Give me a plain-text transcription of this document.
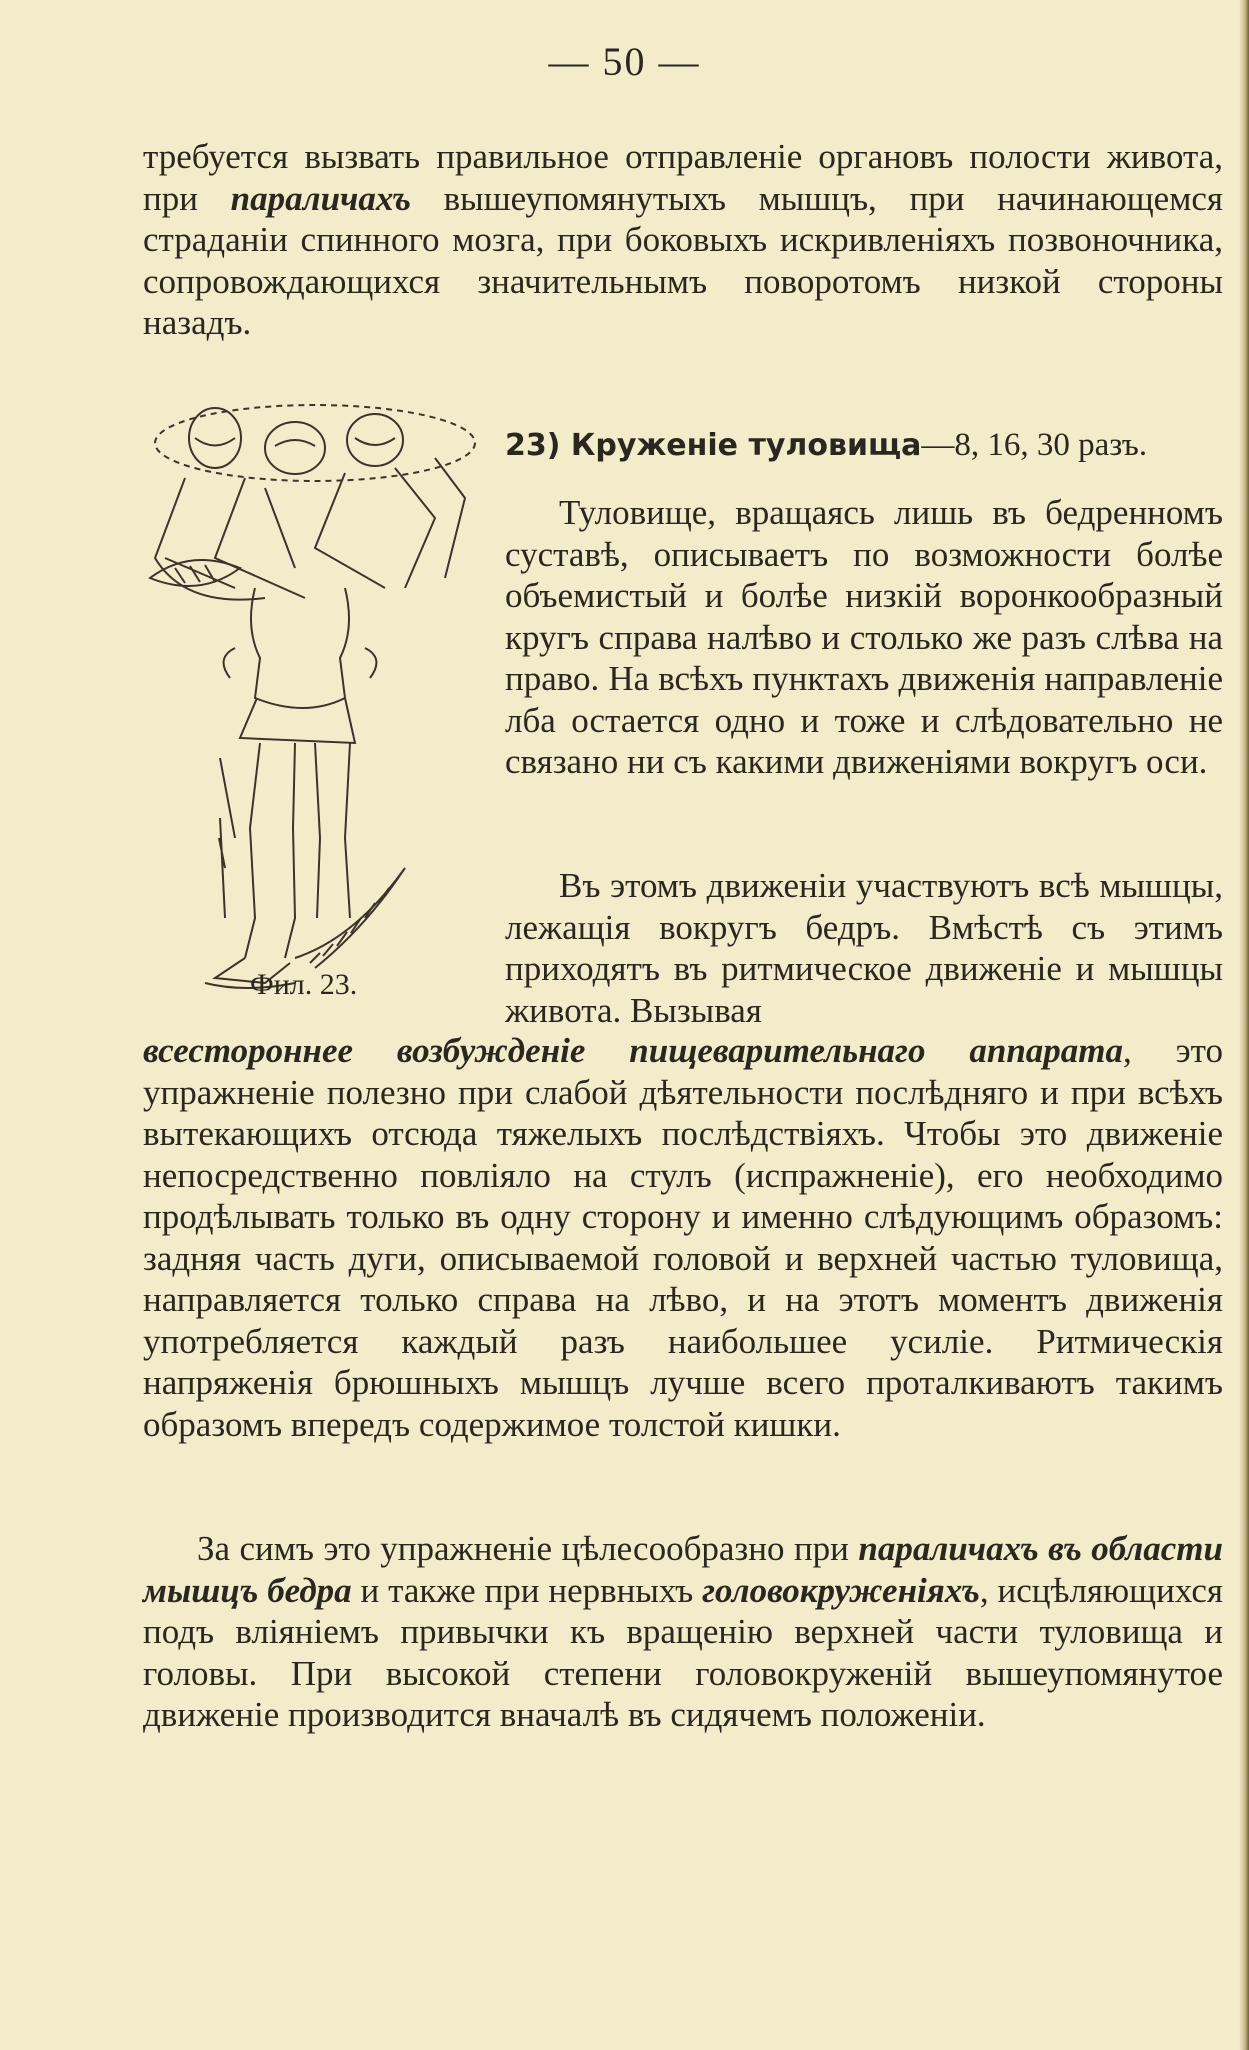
— 50 —

требуется вызвать правильное отправленіе органовъ полости живота, при параличахъ вышеупомянутыхъ мышцъ, при начинающемся страданіи спинного мозга, при боковыхъ искривленіяхъ позвоночника, сопровождающихся значительнымъ поворотомъ низкой стороны назадъ.

Фил. 23.
23) Круженіе туловища—8, 16, 30 разъ.

Туловище, вращаясь лишь въ бедренномъ суставѣ, описываетъ по возможности болѣе объемистый и болѣе низкій воронкообразный кругъ справа налѣво и столько же разъ слѣва на право. На всѣхъ пунктахъ движенія направленіе лба остается одно и тоже и слѣдовательно не связано ни съ какими движеніями вокругъ оси.

Въ этомъ движеніи участвуютъ всѣ мышцы, лежащія вокругъ бедръ. Вмѣстѣ съ этимъ приходятъ въ ритмическое движеніе и мышцы живота. Вызывая

всестороннее возбужденіе пищеварительнаго аппарата, это упражненіе полезно при слабой дѣятельности послѣдняго и при всѣхъ вытекающихъ отсюда тяжелыхъ послѣдствіяхъ. Чтобы это движеніе непосредственно повліяло на стулъ (испражненіе), его необходимо продѣлывать только въ одну сторону и именно слѣдующимъ образомъ: задняя часть дуги, описываемой головой и верхней частью туловища, направляется только справа на лѣво, и на этотъ моментъ движенія употребляется каждый разъ наибольшее усиліе. Ритмическія напряженія брюшныхъ мышцъ лучше всего проталкиваютъ такимъ образомъ впередъ содержимое толстой кишки.

За симъ это упражненіе цѣлесообразно при параличахъ въ области мышцъ бедра и также при нервныхъ головокруженіяхъ, исцѣляющихся подъ вліяніемъ привычки къ вращенію верхней части туловища и головы. При высокой степени головокруженій вышеупомянутое движеніе производится вначалѣ въ сидячемъ положеніи.
